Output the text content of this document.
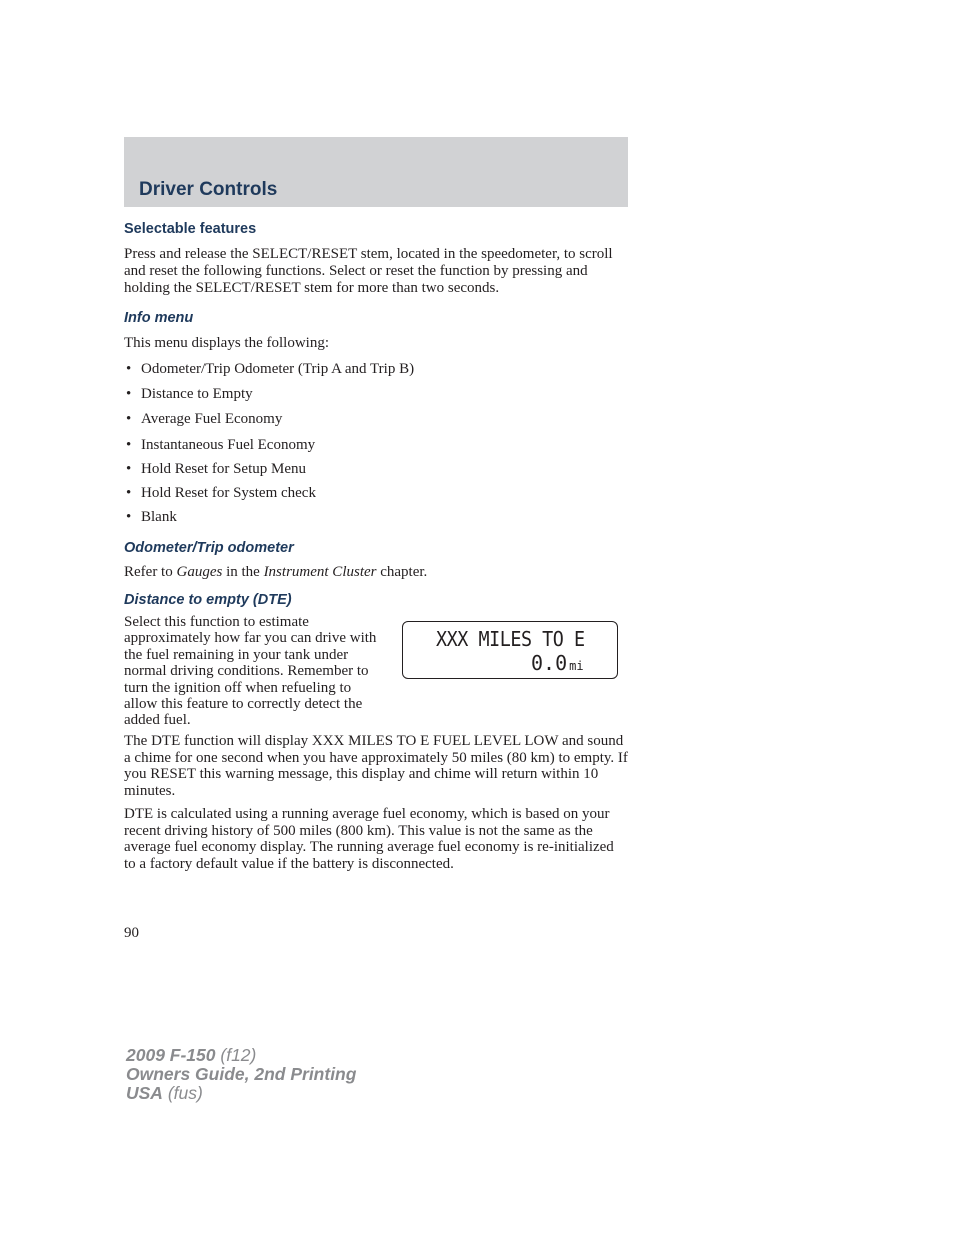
Driver Controls
Selectable features

Press and release the SELECT/RESET stem, located in the speedometer, to scroll and reset the following functions. Select or reset the function by pressing and holding the SELECT/RESET stem for more than two seconds.

Info menu

This menu displays the following:

• Odometer/Trip Odometer (Trip A and Trip B)
• Distance to Empty
• Average Fuel Economy
• Instantaneous Fuel Economy
• Hold Reset for Setup Menu
• Hold Reset for System check
• Blank
Odometer/Trip odometer

Refer to Gauges in the Instrument Cluster chapter.

Distance to empty (DTE)

Select this function to estimate approximately how far you can drive with the fuel remaining in your tank under normal driving conditions. Remember to turn the ignition off when refueling to allow this feature to correctly detect the added fuel.

XXX MILES TO E
0.0 mi

The DTE function will display XXX MILES TO E FUEL LEVEL LOW and sound a chime for one second when you have approximately 50 miles (80 km) to empty. If you RESET this warning message, this display and chime will return within 10 minutes.

DTE is calculated using a running average fuel economy, which is based on your recent driving history of 500 miles (800 km). This value is not the same as the average fuel economy display. The running average fuel economy is re-initialized to a factory default value if the battery is disconnected.

90
2009 F-150 (f12)
Owners Guide, 2nd Printing
USA (fus)
